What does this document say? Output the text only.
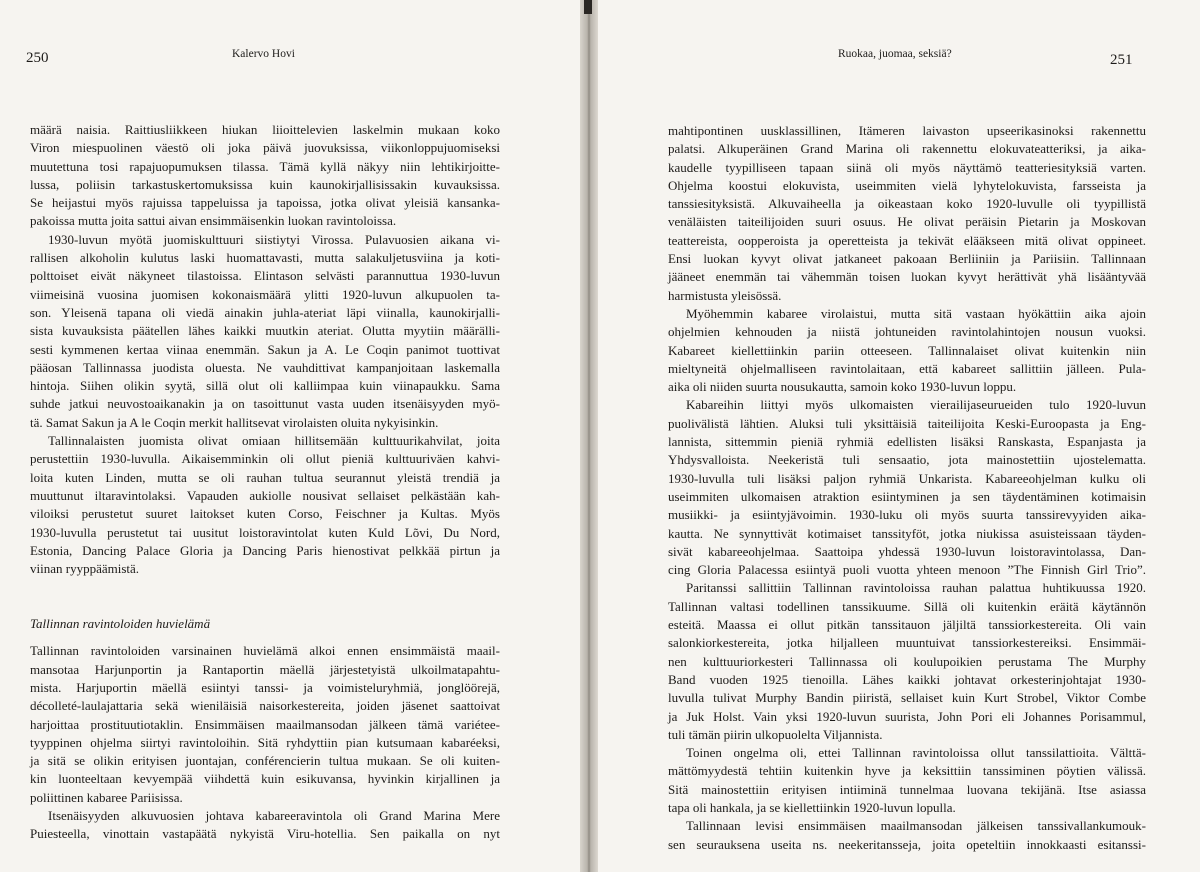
250	Kalervo Hovi
määrä naisia. Raittiusliikkeen hiukan liioittelevien laskelmin mukaan koko
Viron miespuolinen väestö oli joka päivä juovuksissa, viikonloppujuomiseksi
muutettuna tosi rapajuopumuksen tilassa. Tämä kyllä näkyy niin lehtikirjoitte-
lussa, poliisin tarkastuskertomuksissa kuin kaunokirjallisissakin kuvauksissa.
Se heijastui myös rajuissa tappeluissa ja tapoissa, jotka olivat yleisiä kansanka-
pakoissa mutta joita sattui aivan ensimmäisenkin luokan ravintoloissa.
1930-luvun myötä juomiskulttuuri siistiytyi Virossa. Pulavuosien aikana vi-
rallisen alkoholin kulutus laski huomattavasti, mutta salakuljetusviina ja koti-
polttoiset eivät näkyneet tilastoissa. Elintason selvästi parannuttua 1930-luvun
viimeisinä vuosina juomisen kokonaismäärä ylitti 1920-luvun alkupuolen ta-
son. Yleisenä tapana oli viedä ainakin juhla-ateriat läpi viinalla, kaunokirjalli-
sista kuvauksista päätellen lähes kaikki muutkin ateriat. Olutta myytiin määrälli-
sesti kymmenen kertaa viinaa enemmän. Sakun ja A. Le Coqin panimot tuottivat
pääosan Tallinnassa juodista oluesta. Ne vauhdittivat kampanjoitaan laskemalla
hintoja. Siihen olikin syytä, sillä olut oli kalliimpaa kuin viinapaukku. Sama
suhde jatkui neuvostoaikanakin ja on tasoittunut vasta uuden itsenäisyyden myö-
tä. Samat Sakun ja A le Coqin merkit hallitsevat virolaisten oluita nykyisinkin.
Tallinnalaisten juomista olivat omiaan hillitsemään kulttuurikahvilat, joita
perustettiin 1930-luvulla. Aikaisemminkin oli ollut pieniä kulttuuriväen kahvi-
loita kuten Linden, mutta se oli rauhan tultua seurannut yleistä trendiä ja
muuttunut iltaravintolaksi. Vapauden aukiolle nousivat sellaiset pelkästään kah-
viloiksi perustetut suuret laitokset kuten Corso, Feischner ja Kultas. Myös
1930-luvulla perustetut tai uusitut loistoravintolat kuten Kuld Lõvi, Du Nord,
Estonia, Dancing Palace Gloria ja Dancing Paris hienostivat pelkkää pirtun ja
viinan ryyppäämistä.
Tallinnan ravintoloiden huvielämä
Tallinnan ravintoloiden varsinainen huvielämä alkoi ennen ensimmäistä maail-
mansotaa Harjunportin ja Rantaportin mäellä järjestetyistä ulkoilmatapahtu-
mista. Harjuportin mäellä esiintyi tanssi- ja voimisteluryhmiä, jonglöörejä,
décolleté-laulajattaria sekä wieniläisiä naisorkestereita, joiden jäsenet saattoivat
harjoittaa prostituutiotaklin. Ensimmäisen maailmansodan jälkeen tämä variétee-
tyyppinen ohjelma siirtyi ravintoloihin. Sitä ryhdyttiin pian kutsumaan kabaréeksi,
ja sitä se olikin erityisen juontajan, conférencierin tultua mukaan. Se oli kuiten-
kin luonteeltaan kevyempää viihdettä kuin esikuvansa, hyvinkin kirjallinen ja
poliittinen kabaree Pariisissa.
Itsenäisyyden alkuvuosien johtava kabareeravintola oli Grand Marina Mere
Puiesteella, vinottain vastapäätä nykyistä Viru-hotellia. Sen paikalla on nyt
Ruokaa, juomaa, seksiä?	251
mahtipontinen uusklassillinen, Itämeren laivaston upseerikasinoksi rakennettu
palatsi. Alkuperäinen Grand Marina oli rakennettu elokuvateatteriksi, ja aika-
kaudelle tyypilliseen tapaan siinä oli myös näyttämö teatteriesityksiä varten.
Ohjelma koostui elokuvista, useimmiten vielä lyhytelokuvista, farsseista ja
tanssiesityksistä. Alkuvaiheella ja oikeastaan koko 1920-luvulle oli tyypillistä
venäläisten taiteilijoiden suuri osuus. He olivat peräisin Pietarin ja Moskovan
teattereista, oopperoista ja operetteista ja tekivät elääkseen mitä olivat oppineet.
Ensi luokan kyvyt olivat jatkaneet pakoaan Berliiniin ja Pariisiin. Tallinnaan
jääneet enemmän tai vähemmän toisen luokan kyvyt herättivät yhä lisääntyvää
harmistusta yleisössä.
Myöhemmin kabaree virolaistui, mutta sitä vastaan hyökättiin aika ajoin
ohjelmien kehnouden ja niistä johtuneiden ravintolahintojen nousun vuoksi.
Kabareet kiellettiinkin pariin otteeseen. Tallinnalaiset olivat kuitenkin niin
mieltyneitä ohjelmalliseen ravintolaitaan, että kabareet sallittiin jälleen. Pula-
aika oli niiden suurta nousukautta, samoin koko 1930-luvun loppu.
Kabareihin liittyi myös ulkomaisten vierailijaseurueiden tulo 1920-luvun
puolivälistä lähtien. Aluksi tuli yksittäisiä taiteilijoita Keski-Euroopasta ja Eng-
lannista, sittemmin pieniä ryhmiä edellisten lisäksi Ranskasta, Espanjasta ja
Yhdysvalloista. Neekeristä tuli sensaatio, jota mainostettiin ujostelematta.
1930-luvulla tuli lisäksi paljon ryhmiä Unkarista. Kabareeohjelman kulku oli
useimmiten ulkomaisen atraktion esiintyminen ja sen täydentäminen kotimaisin
musiikki- ja esiintyjävoimin. 1930-luku oli myös suurta tanssirevyyiden aika-
kautta. Ne synnyttivät kotimaiset tanssityföt, jotka niukissa asuisteissaan täyden-
sivät kabareeohjelmaa. Saattoipa yhdessä 1930-luvun loistoravintolassa, Dan-
cing Gloria Palacessa esiintyä puoli vuotta yhteen menoon ”The Finnish Girl Trio”.
Paritanssi sallittiin Tallinnan ravintoloissa rauhan palattua huhtikuussa 1920.
Tallinnan valtasi todellinen tanssikuume. Sillä oli kuitenkin eräitä käytännön
esteitä. Maassa ei ollut pitkän tanssitauon jäljiltä tanssiorkestereita. Oli vain
salonkiorkestereita, jotka hiljalleen muuntuivat tanssiorkestereiksi. Ensimmäi-
nen kulttuuriorkesteri Tallinnassa oli koulupoikien perustama The Murphy
Band vuoden 1925 tienoilla. Lähes kaikki johtavat orkesterinjohtajat 1930-
luvulla tulivat Murphy Bandin piiristä, sellaiset kuin Kurt Strobel, Viktor Combe
ja Juk Holst. Vain yksi 1920-luvun suurista, John Pori eli Johannes Porisammul,
tuli tämän piirin ulkopuolelta Viljannista.
Toinen ongelma oli, ettei Tallinnan ravintoloissa ollut tanssilattioita. Välttä-
mättömyydestä tehtiin kuitenkin hyve ja keksittiin tanssiminen pöytien välissä.
Sitä mainostettiin erityisen intiiminä tunnelmaa luovana tekijänä. Itse asiassa
tapa oli hankala, ja se kiellettiinkin 1920-luvun lopulla.
Tallinnaan levisi ensimmäisen maailmansodan jälkeisen tanssivallankumouk-
sen seurauksena useita ns. neekeritansseja, joita opeteltiin innokkaasti esitanssi-
